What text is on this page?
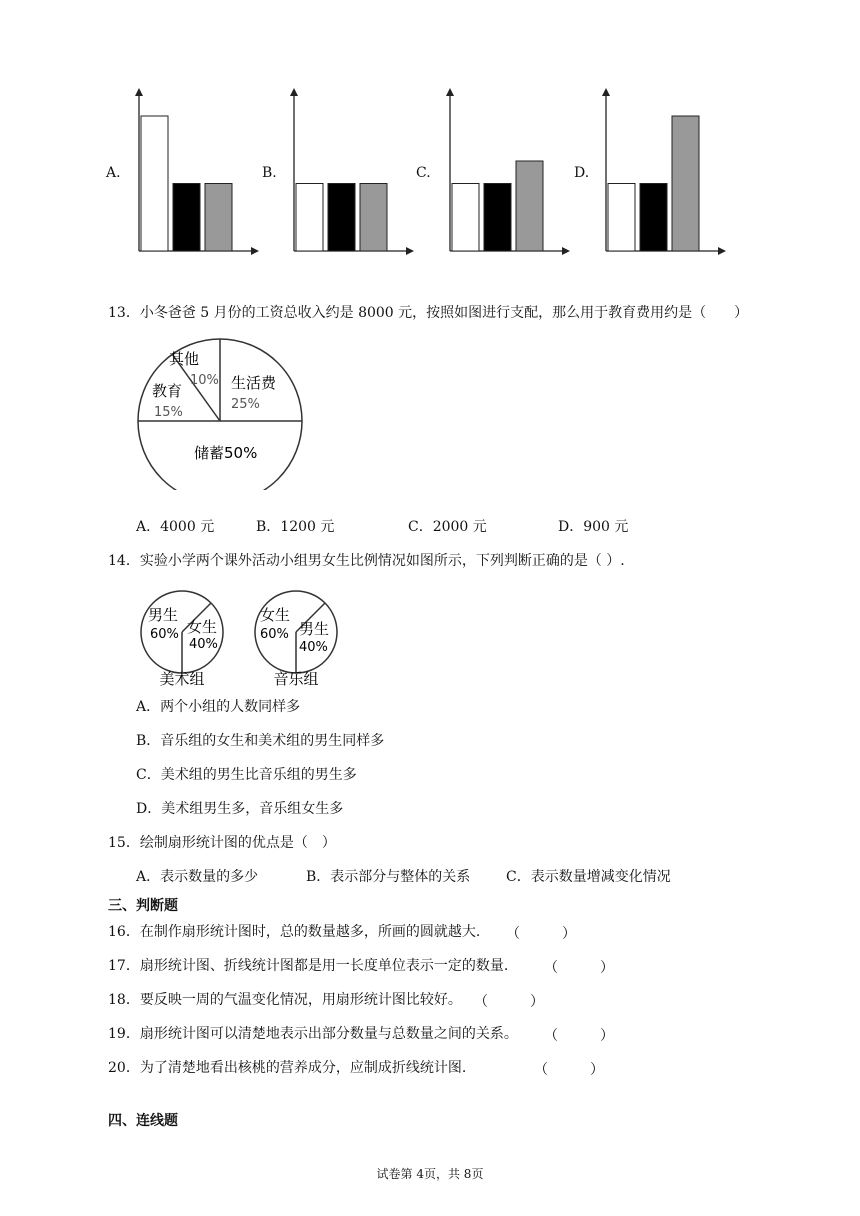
A.	B.	C.	D.
13．小冬爸爸 5 月份的工资总收入约是 8000 元，按照如图进行支配，那么用于教育费用约是（　　）
其他
10%
教育
15%
生活费
25%
储蓄50%
A．4000 元	B．1200 元	C．2000 元	D．900 元
14．实验小学两个课外活动小组男女生比例情况如图所示，下列判断正确的是（ ）.
男生
60% 女生
40%
美术组
女生
60% 男生
40%
音乐组
A．两个小组的人数同样多
B．音乐组的女生和美术组的男生同样多
C．美术组的男生比音乐组的男生多
D．美术组男生多，音乐组女生多
15．绘制扇形统计图的优点是（　）
A．表示数量的多少	B．表示部分与整体的关系	C．表示数量增减变化情况
三、判断题
16．在制作扇形统计图时，总的数量越多，所画的圆就越大. （　　　）
17．扇形统计图、折线统计图都是用一长度单位表示一定的数量.	（　　　）
18．要反映一周的气温变化情况，用扇形统计图比较好。 （　　　）
19．扇形统计图可以清楚地表示出部分数量与总数量之间的关系。 （　　　）
20．为了清楚地看出核桃的营养成分，应制成折线统计图.	（　　　）
四、连线题
试卷第 4页，共 8页
